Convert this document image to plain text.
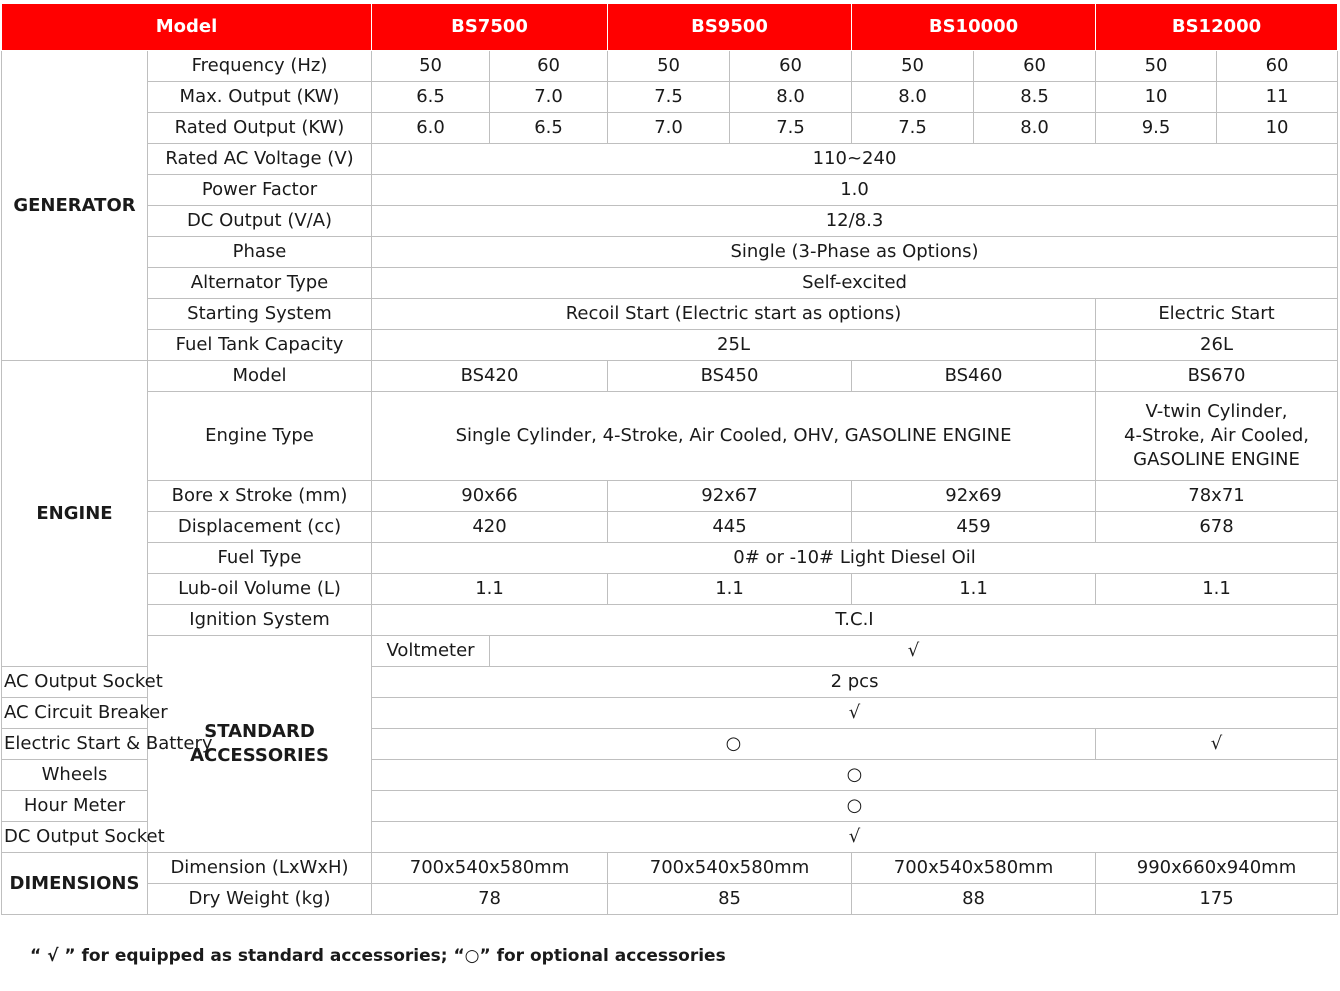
Model		BS7500		BS9500		BS10000		BS12000	
GENERATOR	Frequency (Hz)	50	60	50	60	50	60	50	60
	Max. Output (KW)	6.5	7.0	7.5	8.0	8.0	8.5	10	11
	Rated Output (KW)	6.0	6.5	7.0	7.5	7.5	8.0	9.5	10
	Rated AC Voltage (V)	110~240							
	Power Factor	1.0							
	DC Output (V/A)	12/8.3							
	Phase	Single (3-Phase as Options)							
	Alternator Type	Self-excited							
	Starting System	Recoil Start (Electric start as options)						Electric Start	
	Fuel Tank Capacity	25L						26L	
ENGINE	Model	BS420		BS450		BS460		BS670	
	Engine Type	Single Cylinder, 4-Stroke, Air Cooled, OHV, GASOLINE ENGINE						V-twin Cylinder,
4-Stroke, Air Cooled,
GASOLINE ENGINE	

	Bore x Stroke (mm)	90x66		92x67		92x69		78x71	
	Displacement (cc)	420		445		459		678	
	Fuel Type	0# or -10# Light Diesel Oil							
	Lub-oil Volume (L)	1.1		1.1		1.1		1.1	
	Ignition System	T.C.I							

	STANDARD
ACCESSORIES	Voltmeter	√						
AC Output Socket		2 pcs							
AC Circuit Breaker		√							
Electric Start & Battery		○						√	
Wheels		○							
Hour Meter		○							
DC Output Socket		√							
DIMENSIONS	Dimension (LxWxH)	700x540x580mm		700x540x580mm		700x540x580mm		990x660x940mm	
	Dry Weight (kg)	78		85		88		175	
“ √ ” for equipped as standard accessories; “○” for optional accessories
